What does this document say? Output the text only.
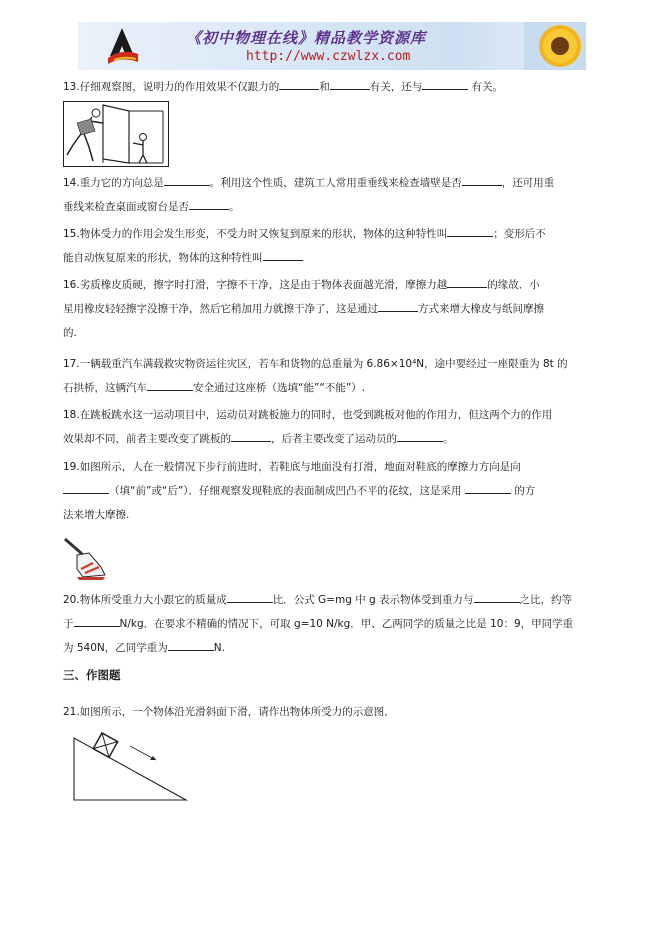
《初中物理在线》精品教学资源库
http://www.czwlzx.com

13.仔细观察图，说明力的作用效果不仅跟力的	和	有关，还与	有关。

14.重力它的方向总是	。利用这个性质，建筑工人常用重垂线来检查墙壁是否	，还可用重
垂线来检查桌面或窗台是否	。

15.物体受力的作用会发生形变，不受力时又恢复到原来的形状，物体的这种特性叫	；变形后不
能自动恢复原来的形状，物体的这种特性叫

16.劣质橡皮质硬，擦字时打滑，字擦不干净，这是由于物体表面越光滑，摩擦力越	的缘故．小
星用橡皮轻轻擦字没擦干净，然后它稍加用力就擦干净了，这是通过	方式来增大橡皮与纸间摩擦
的.

17.一辆载重汽车满载救灾物资运往灾区，若车和货物的总重量为 6.86×10⁴N，途中要经过一座限重为 8t 的
石拱桥，这辆汽车	安全通过这座桥（选填“能”“不能”）.

18.在跳板跳水这一运动项目中，运动员对跳板施力的同时，也受到跳板对他的作用力，但这两个力的作用
效果却不同，前者主要改变了跳板的	，后者主要改变了运动员的	。

19.如图所示，人在一般情况下步行前进时，若鞋底与地面没有打滑，地面对鞋底的摩擦力方向是向
（填“前”或“后”）．仔细观察发现鞋底的表面制成凹凸不平的花纹，这是采用	的方
法来增大摩擦.

20.物体所受重力大小跟它的质量成	比．公式 G=mg 中 g 表示物体受到重力与	之比，约等
于	N/kg．在要求不精确的情况下，可取 g=10 N/kg．甲、乙两同学的质量之比是 10：9，甲同学重
为 540N，乙同学重为	N.

三、作图题

21.如图所示，一个物体沿光滑斜面下滑，请作出物体所受力的示意图．
